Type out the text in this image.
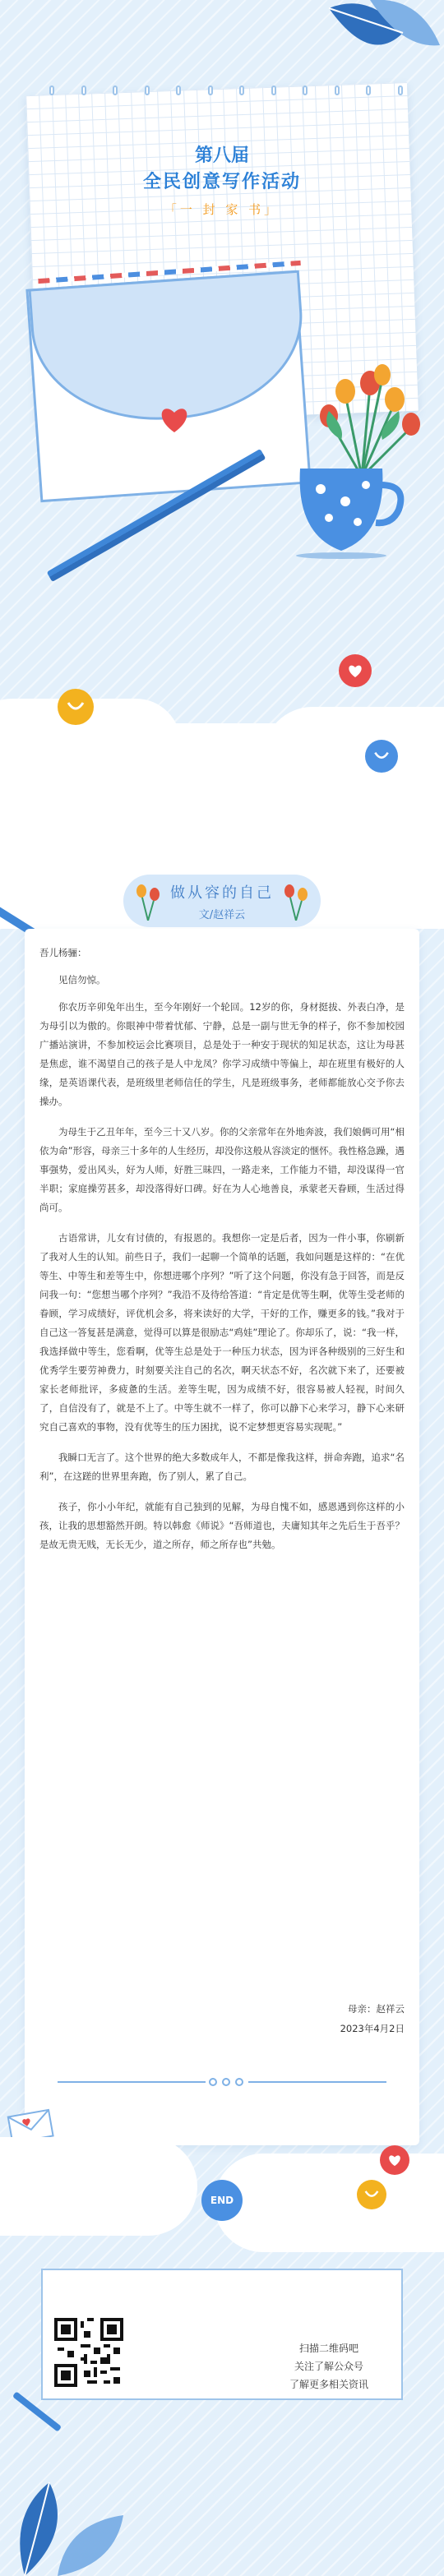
第八届
全民创意写作活动
「一 封 家 书」
做从容的自己
文/赵祥云

吾儿杨骊：

见信勿惊。

你农历辛卯兔年出生，至今年刚好一个轮回。12岁的你，身材挺拔、外表白净，是为母引以为傲的。你眼神中带着忧郁、宁静，总是一副与世无争的样子，你不参加校园广播站演讲，不参加校运会比赛项目，总是处于一种安于现状的知足状态，这让为母甚是焦虑，谁不渴望自己的孩子是人中龙凤？你学习成绩中等偏上，却在班里有极好的人缘，是英语课代表，是班级里老师信任的学生，凡是班级事务，老师都能放心交予你去操办。

为母生于乙丑年年，至今三十又八岁。你的父亲常年在外地奔波，我们娘俩可用“相依为命”形容，母亲三十多年的人生经历，却没你这般从容淡定的惬怀。我性格急躁，遇事强势，爱出风头，好为人师，好胜三昧四，一路走来，工作能力不错，却没谋得一官半职；家庭操劳甚多，却没落得好口碑。好在为人心地善良，承蒙老天眷顾，生活过得尚可。

古语常讲，儿女有讨债的，有报恩的。我想你一定是后者，因为一件小事，你刷新了我对人生的认知。前些日子，我们一起聊一个简单的话题，我如问题是这样的：“在优等生、中等生和差等生中，你想进哪个序列？”听了这个问题，你没有急于回答，而是反问我一句：“您想当哪个序列？”我沿不及待给答道：“肯定是优等生啊，优等生受老师的眷顾，学习成绩好，评优机会多，将来读好的大学，干好的工作，赚更多的钱。”我对于自己这一答复甚是满意，觉得可以算是很励志“鸡娃”理论了。你却乐了，说：“我一样，我选择做中等生，您看啊，优等生总是处于一种压力状态，因为评各种级别的三好生和优秀学生要劳神费力，时刻要关注自己的名次，啊天状态不好，名次就下来了，还要被家长老师批评，多疲惫的生活。差等生呢，因为成绩不好，很容易被人轻视，时间久了，自信没有了，就是不上了。中等生就不一样了，你可以静下心来学习，静下心来研究自己喜欢的事物，没有优等生的压力困扰，说不定梦想更容易实现呢。”

我瞬口无言了。这个世界的绝大多数成年人，不都是像我这样，拼命奔跑，追求“名利”，在这蹉的世界里奔跑，伤了别人，累了自己。

孩子，你小小年纪，就能有自己独到的见解，为母自愧不如，感恩遇到你这样的小孩，让我的思想豁然开朗。特以韩愈《师说》“吾师道也，夫庸知其年之先后生于吾乎？是故无贵无贱，无长无少，道之所存，师之所存也”共勉。

母亲：赵祥云
2023年4月2日
END
扫描二维码吧
关注了解公众号
了解更多相关资讯
